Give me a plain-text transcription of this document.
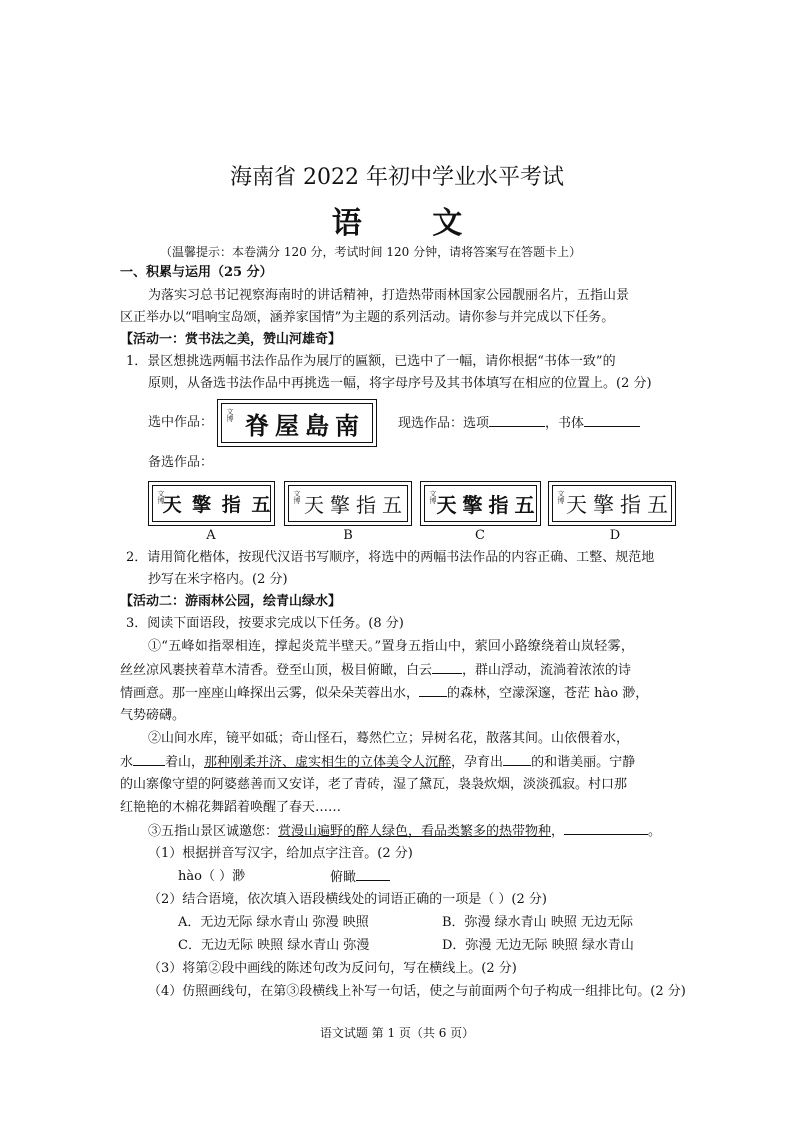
海南省 2022 年初中学业水平考试
语 文
（温馨提示：本卷满分 120 分，考试时间 120 分钟，请将答案写在答题卡上）
一、积累与运用（25 分）
为落实习总书记视察海南时的讲话精神，打造热带雨林国家公园靓丽名片，五指山景
区正举办以“唱响宝岛颂，涵养家国情”为主题的系列活动。请你参与并完成以下任务。
【活动一：赏书法之美，赞山河雄奇】
1．景区想挑选两幅书法作品作为展厅的匾额，已选中了一幅，请你根据“书体一致”的
原则，从备选书法作品中再挑选一幅，将字母序号及其书体填写在相应的位置上。(2 分)
选中作品： 文博 脊屋島南	现选作品：选项	，书体
备选作品：
文博
天 擎 指 五	文博 天擎指五	文博 天擎指五 文博 天擎指五
A	B	C	D
2．请用简化楷体，按现代汉语书写顺序，将选中的两幅书法作品的内容正确、工整、规范地
抄写在米字格内。(2 分)
【活动二：游雨林公园，绘青山绿水】
3．阅读下面语段，按要求完成以下任务。(8 分)
①“五峰如指翠相连，撑起炎荒半壁天。”置身五指山中，萦回小路缭绕着山岚轻雾，
丝丝凉风裹挟着草木清香。登至山顶，极目俯瞰，白云 ，群山浮动，流淌着浓浓的诗
情画意。那一座座山峰探出云雾，似朵朵芙蓉出水， 的森林，空濛深邃，苍茫 hào 渺，
气势磅礴。
②山间水库，镜平如砥；奇山怪石，蓦然伫立；异树名花，散落其间。山依偎着水，
水 着山，那种刚柔并济、虚实相生的立体美令人沉醉，孕育出 的和谐美丽。宁静
的山寨像守望的阿婆慈善而又安详，老了青砖，湿了黛瓦，袅袅炊烟，淡淡孤寂。村口那
红艳艳的木棉花舞蹈着唤醒了春天……
③五指山景区诚邀您：赏漫山遍野的醉人绿色，看品类繁多的热带物种，	。
（1）根据拼音写汉字，给加点字注音。(2 分)
hào（ ）渺	俯瞰
（2）结合语境，依次填入语段横线处的词语正确的一项是（ ）(2 分)
A．无边无际 绿水青山 弥漫 映照	B．弥漫 绿水青山 映照 无边无际
C．无边无际 映照 绿水青山 弥漫	D．弥漫 无边无际 映照 绿水青山
（3）将第②段中画线的陈述句改为反问句，写在横线上。(2 分)
（4）仿照画线句，在第③段横线上补写一句话，使之与前面两个句子构成一组排比句。(2 分)
语文试题 第 1 页（共 6 页）
